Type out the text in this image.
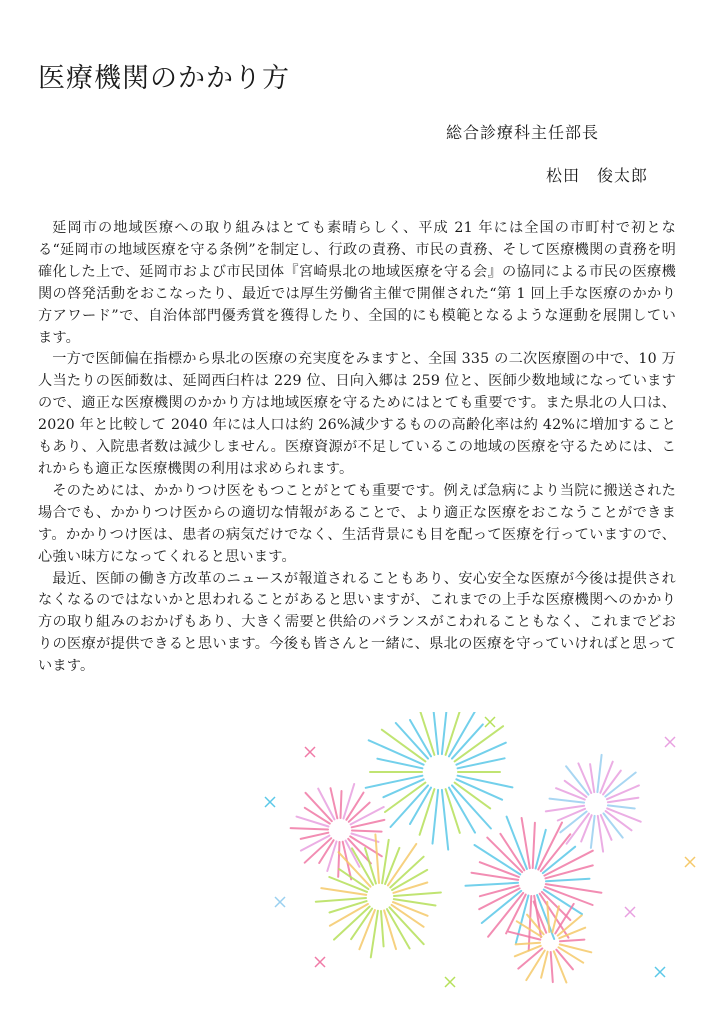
医療機関のかかり方
総合診療科主任部長
松田　俊太郎

延岡市の地域医療への取り組みはとても素晴らしく、平成 21 年には全国の市町村で初となる“延岡市の地域医療を守る条例”を制定し、行政の責務、市民の責務、そして医療機関の責務を明確化した上で、延岡市および市民団体『宮崎県北の地域医療を守る会』の協同による市民の医療機関の啓発活動をおこなったり、最近では厚生労働省主催で開催された“第 1 回上手な医療のかかり方アワード”で、自治体部門優秀賞を獲得したり、全国的にも模範となるような運動を展開しています。

一方で医師偏在指標から県北の医療の充実度をみますと、全国 335 の二次医療圏の中で、10 万人当たりの医師数は、延岡西臼杵は 229 位、日向入郷は 259 位と、医師少数地域になっていますので、適正な医療機関のかかり方は地域医療を守るためにはとても重要です。また県北の人口は、2020 年と比較して 2040 年には人口は約 26%減少するものの高齢化率は約 42%に増加することもあり、入院患者数は減少しません。医療資源が不足しているこの地域の医療を守るためには、これからも適正な医療機関の利用は求められます。

そのためには、かかりつけ医をもつことがとても重要です。例えば急病により当院に搬送された場合でも、かかりつけ医からの適切な情報があることで、より適正な医療をおこなうことができます。かかりつけ医は、患者の病気だけでなく、生活背景にも目を配って医療を行っていますので、心強い味方になってくれると思います。

最近、医師の働き方改革のニュースが報道されることもあり、安心安全な医療が今後は提供されなくなるのではないかと思われることがあると思いますが、これまでの上手な医療機関へのかかり方の取り組みのおかげもあり、大きく需要と供給のバランスがこわれることもなく、これまでどおりの医療が提供できると思います。今後も皆さんと一緒に、県北の医療を守っていければと思っています。
